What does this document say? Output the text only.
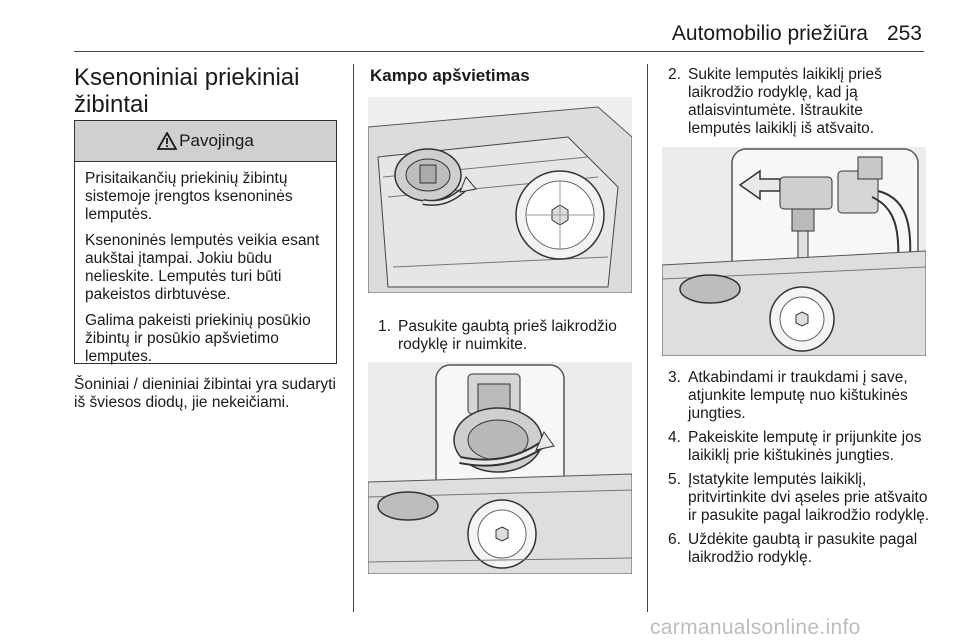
Automobilio priežiūra 253
Ksenoniniai priekiniai žibintai
Pavojinga

Prisitaikančių priekinių žibintų sistemoje įrengtos ksenoninės lemputės.

Ksenoninės lemputės veikia esant aukštai įtampai. Jokiu būdu nelieskite. Lemputės turi būti pakeistos dirbtuvėse.

Galima pakeisti priekinių posūkio žibintų ir posūkio apšvietimo lemputes.

Šoniniai / dieniniai žibintai yra sudaryti iš šviesos diodų, jie nekeičiami.
Kampo apšvietimas
1. Pasukite gaubtą prieš laikrodžio rodyklę ir nuimkite.
2. Sukite lemputės laikiklį prieš laikrodžio rodyklę, kad ją atlaisvintumėte. Ištraukite lemputės laikiklį iš atšvaito.
3. Atkabindami ir traukdami į save, atjunkite lemputę nuo kištukinės jungties.
4. Pakeiskite lemputę ir prijunkite jos laikiklį prie kištukinės jungties.
5. Įstatykite lemputės laikiklį, pritvirtinkite dvi ąseles prie atšvaito ir pasukite pagal laikrodžio rodyklę.
6. Uždėkite gaubtą ir pasukite pagal laikrodžio rodyklę.
carmanualsonline.info
